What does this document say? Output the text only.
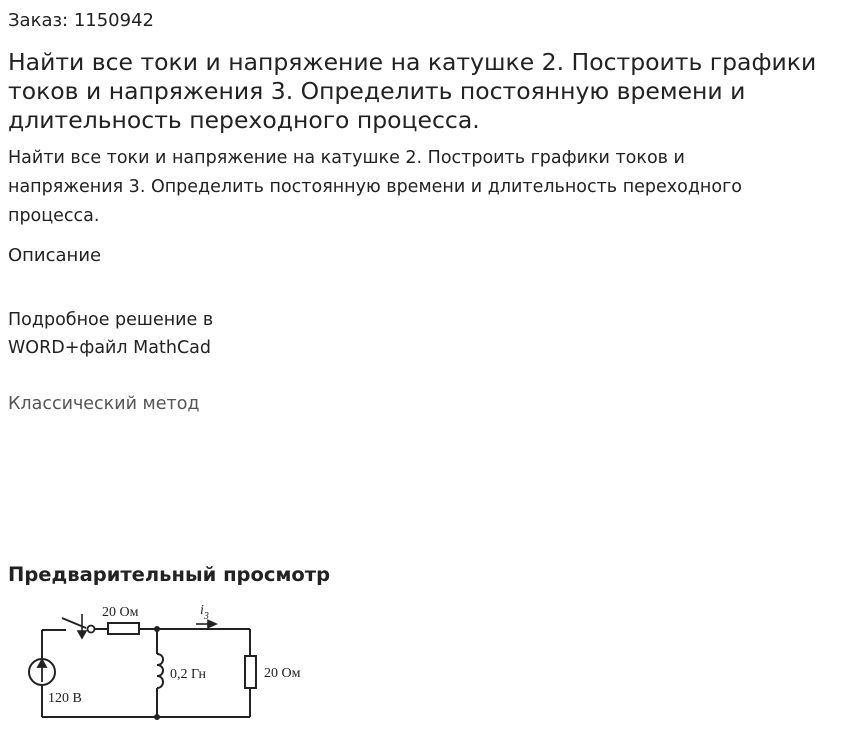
Заказ: 1150942
Найти все токи и напряжение на катушке 2. Построить графики
токов и напряжения 3. Определить постоянную времени и
длительность переходного процесса.
Найти все токи и напряжение на катушке 2. Построить графики токов и
напряжения 3. Определить постоянную времени и длительность переходного
процесса.
Описание
Подробное решение в
WORD+файл MathCad
Классический метод
Предварительный просмотр
20 Ом	$i_3$
0,2 Гн	20 Ом
120 В
